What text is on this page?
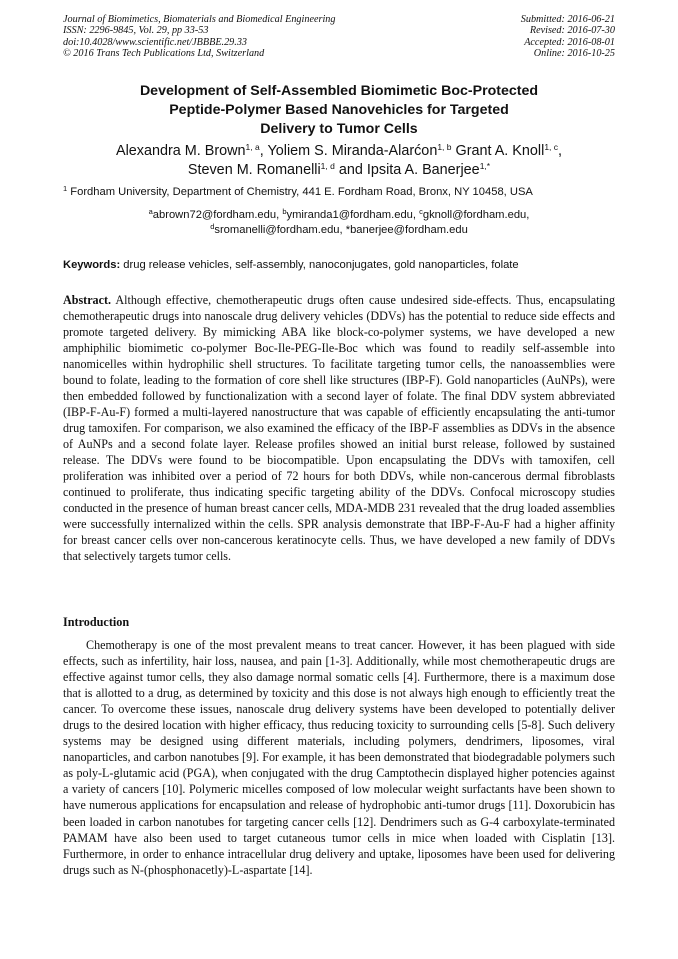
Journal of Biomimetics, Biomaterials and Biomedical Engineering
ISSN: 2296-9845, Vol. 29, pp 33-53
doi:10.4028/www.scientific.net/JBBBE.29.33
© 2016 Trans Tech Publications Ltd, Switzerland
Submitted: 2016-06-21
Revised: 2016-07-30
Accepted: 2016-08-01
Online: 2016-10-25
Development of Self-Assembled Biomimetic Boc-Protected
Peptide-Polymer Based Nanovehicles for Targeted
Delivery to Tumor Cells
Alexandra M. Brown$^{1, a}$, Yoliem S. Miranda-Alarćon$^{1, b}$ Grant A. Knoll$^{1, c}$,
Steven M. Romanelli$^{1, d}$ and Ipsita A. Banerjee$^{1,*}$
$^1$ Fordham University, Department of Chemistry, 441 E. Fordham Road, Bronx, NY 10458, USA
$^a$abrown72@fordham.edu, $^b$ymiranda1@fordham.edu, $^c$gknoll@fordham.edu,
$^d$sromanelli@fordham.edu, *banerjee@fordham.edu
Keywords: drug release vehicles, self-assembly, nanoconjugates, gold nanoparticles, folate

Abstract. Although effective, chemotherapeutic drugs often cause undesired side-effects. Thus, encapsulating chemotherapeutic drugs into nanoscale drug delivery vehicles (DDVs) has the potential to reduce side effects and promote targeted delivery. By mimicking ABA like block-co-polymer systems, we have developed a new amphiphilic biomimetic co-polymer Boc-Ile-PEG-Ile-Boc which was found to readily self-assemble into nanomicelles within hydrophilic shell structures. To facilitate targeting tumor cells, the nanoassemblies were bound to folate, leading to the formation of core shell like structures (IBP-F). Gold nanoparticles (AuNPs), were then embedded followed by functionalization with a second layer of folate. The final DDV system abbreviated (IBP-F-Au-F) formed a multi-layered nanostructure that was capable of efficiently encapsulating the anti-tumor drug tamoxifen. For comparison, we also examined the efficacy of the IBP-F assemblies as DDVs in the absence of AuNPs and a second folate layer. Release profiles showed an initial burst release, followed by sustained release. The DDVs were found to be biocompatible. Upon encapsulating the DDVs with tamoxifen, cell proliferation was inhibited over a period of 72 hours for both DDVs, while non-cancerous dermal fibroblasts continued to proliferate, thus indicating specific targeting ability of the DDVs. Confocal microscopy studies conducted in the presence of human breast cancer cells, MDA-MDB 231 revealed that the drug loaded assemblies were successfully internalized within the cells. SPR analysis demonstrate that IBP-F-Au-F had a higher affinity for breast cancer cells over non-cancerous keratinocyte cells. Thus, we have developed a new family of DDVs that selectively targets tumor cells.

Introduction

Chemotherapy is one of the most prevalent means to treat cancer. However, it has been plagued with side effects, such as infertility, hair loss, nausea, and pain [1-3]. Additionally, while most chemotherapeutic drugs are effective against tumor cells, they also damage normal somatic cells [4]. Furthermore, there is a maximum dose that is allotted to a drug, as determined by toxicity and this dose is not always high enough to efficiently treat the cancer. To overcome these issues, nanoscale drug delivery systems have been developed to potentially deliver drugs to the desired location with higher efficacy, thus reducing toxicity to surrounding cells [5-8]. Such delivery systems may be designed using different materials, including polymers, dendrimers, liposomes, viral nanoparticles, and carbon nanotubes [9]. For example, it has been demonstrated that biodegradable polymers such as poly-L-glutamic acid (PGA), when conjugated with the drug Camptothecin displayed higher potencies against a variety of cancers [10]. Polymeric micelles composed of low molecular weight surfactants have been shown to have numerous applications for encapsulation and release of hydrophobic anti-tumor drugs [11]. Doxorubicin has been loaded in carbon nanotubes for targeting cancer cells [12]. Dendrimers such as G-4 carboxylate-terminated PAMAM have also been used to target cutaneous tumor cells in mice when loaded with Cisplatin [13]. Furthermore, in order to enhance intracellular drug delivery and uptake, liposomes have been used for delivering drugs such as N-(phosphonacetly)-L-aspartate [14].
